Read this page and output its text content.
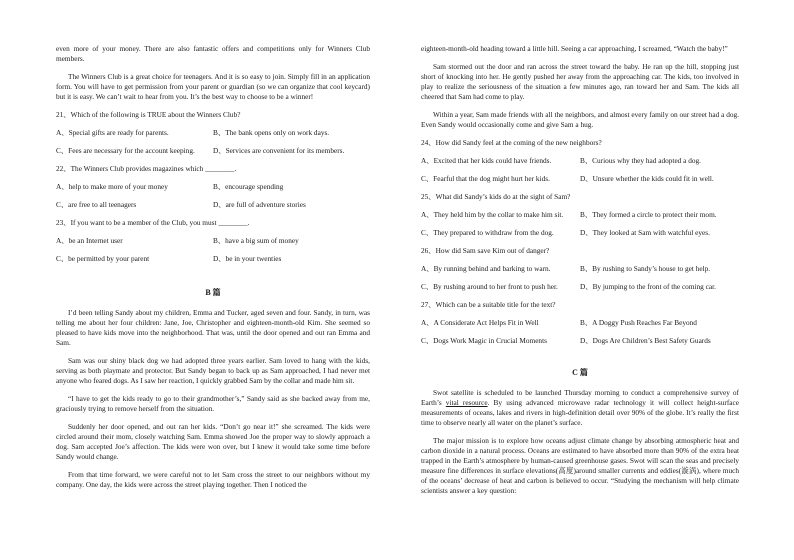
even more of your money. There are also fantastic offers and competitions only for Winners Club members.

The Winners Club is a great choice for teenagers. And it is so easy to join. Simply fill in an application form. You will have to get permission from your parent or guardian (so we can organize that cool keycard) but it is easy. We can’t wait to hear from you. It’s the best way to choose to be a winner!

21、Which of the following is TRUE about the Winners Club?

A、Special gifts are ready for parents.	B、The bank opens only on work days.
C、Fees are necessary for the account keeping.	D、Services are convenient for its members.

22、The Winners Club provides magazines which ________.

A、help to make more of your money	B、encourage spending
C、are free to all teenagers	D、are full of adventure stories

23、If you want to be a member of the Club, you must ________.

A、be an Internet user	B、have a big sum of money
C、be permitted by your parent	D、be in your twenties
B 篇

I’d been telling Sandy about my children, Emma and Tucker, aged seven and four. Sandy, in turn, was telling me about her four children: Jane, Joe, Christopher and eighteen-month-old Kim. She seemed so pleased to have kids move into the neighborhood. That was, until the door opened and out ran Emma and Sam.

Sam was our shiny black dog we had adopted three years earlier. Sam loved to hang with the kids, serving as both playmate and protector. But Sandy began to back up as Sam approached, I had never met anyone who feared dogs. As I saw her reaction, I quickly grabbed Sam by the collar and made him sit.

“I have to get the kids ready to go to their grandmother’s,” Sandy said as she backed away from me, graciously trying to remove herself from the situation.

Suddenly her door opened, and out ran her kids. “Don’t go near it!” she screamed. The kids were circled around their mom, closely watching Sam. Emma showed Joe the proper way to slowly approach a dog. Sam accepted Joe’s affection. The kids were won over, but I knew it would take some time before Sandy would change.

From that time forward, we were careful not to let Sam cross the street to our neighbors without my company. One day, the kids were across the street playing together. Then I noticed the

eighteen-month-old heading toward a little hill. Seeing a car approaching, I screamed, “Watch the baby!”

Sam stormed out the door and ran across the street toward the baby. He ran up the hill, stopping just short of knocking into her. He gently pushed her away from the approaching car. The kids, too involved in play to realize the seriousness of the situation a few minutes ago, ran toward her and Sam. The kids all cheered that Sam had come to play.

Within a year, Sam made friends with all the neighbors, and almost every family on our street had a dog. Even Sandy would occasionally come and give Sam a hug.

24、How did Sandy feel at the coming of the new neighbors?

A、Excited that her kids could have friends.	B、Curious why they had adopted a dog.
C、Fearful that the dog might hurt her kids.	D、Unsure whether the kids could fit in well.

25、What did Sandy’s kids do at the sight of Sam?

A、They held him by the collar to make him sit.	B、They formed a circle to protect their mom.
C、They prepared to withdraw from the dog.	D、They looked at Sam with watchful eyes.

26、How did Sam save Kim out of danger?

A、By running behind and barking to warn.	B、By rushing to Sandy’s house to get help.
C、By rushing around to her front to push her.	D、By jumping to the front of the coming car.

27、Which can be a suitable title for the text?

A、A Considerate Act Helps Fit in Well	B、A Doggy Push Reaches Far Beyond
C、Dogs Work Magic in Crucial Moments	D、Dogs Are Children’s Best Safety Guards
C 篇

Swot satellite is scheduled to be launched Thursday morning to conduct a comprehensive survey of Earth’s vital resource. By using advanced microwave radar technology it will collect height-surface measurements of oceans, lakes and rivers in high-definition detail over 90% of the globe. It’s really the first time to observe nearly all water on the planet’s surface.

The major mission is to explore how oceans adjust climate change by absorbing atmospheric heat and carbon dioxide in a natural process. Oceans are estimated to have absorbed more than 90% of the extra heat trapped in the Earth’s atmosphere by human-caused greenhouse gases. Swot will scan the seas and precisely measure fine differences in surface elevations(高度)around smaller currents and eddies(漩涡), where much of the oceans’ decrease of heat and carbon is believed to occur. “Studying the mechanism will help climate scientists answer a key question:
